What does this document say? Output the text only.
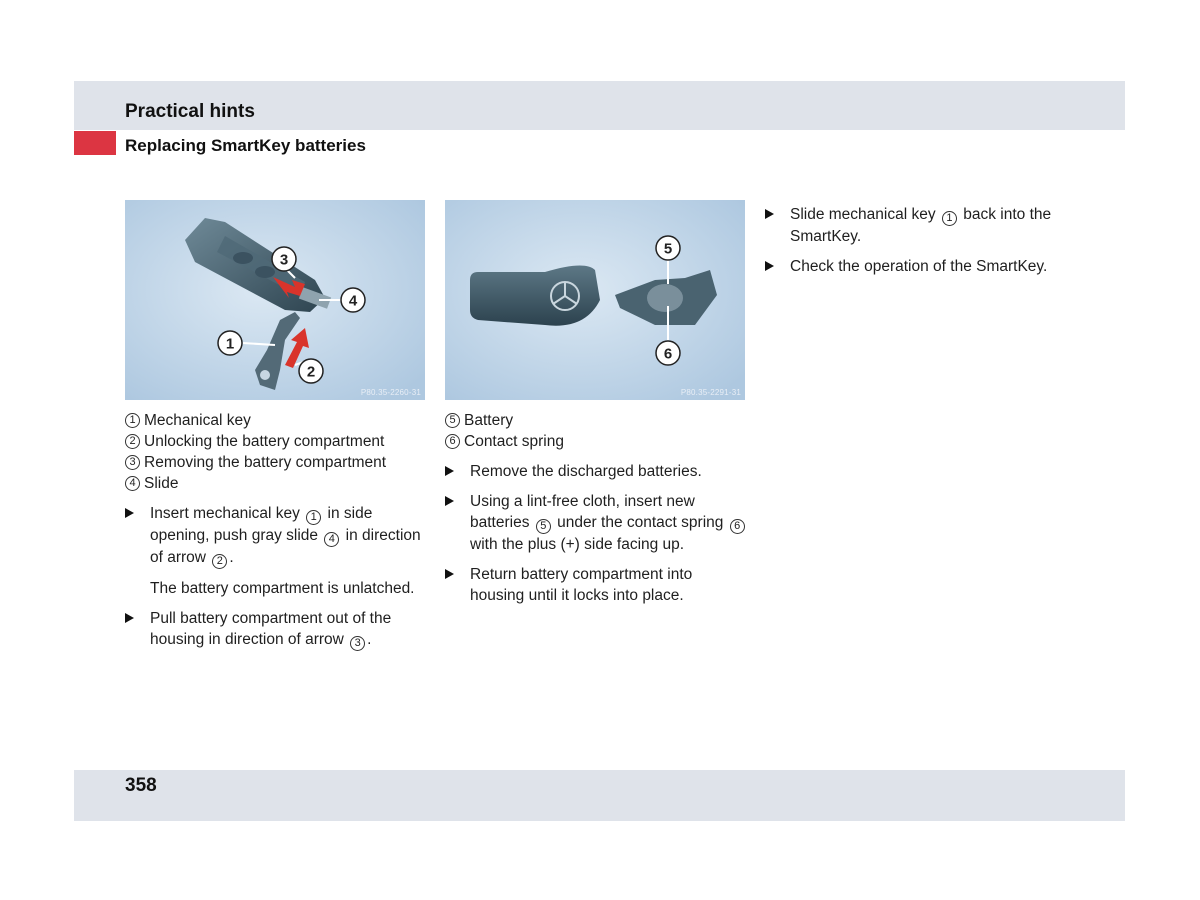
Practical hints
Replacing SmartKey batteries
1
2
3
4
P80.35-2260-31
5
6
P80.35-2291-31
1 Mechanical key
2 Unlocking the battery compartment
3 Removing the battery compartment
4 Slide
Insert mechanical key 1 in side opening, push gray slide 4 in direction of arrow 2 .
The battery compartment is unlatched.
Pull battery compartment out of the housing in direction of arrow 3 .
5 Battery
6 Contact spring
Remove the discharged batteries.
Using a lint-free cloth, insert new batteries 5 under the contact spring 6 with the plus (+) side facing up.
Return battery compartment into housing until it locks into place.
Slide mechanical key 1 back into the SmartKey.
Check the operation of the SmartKey.
358
